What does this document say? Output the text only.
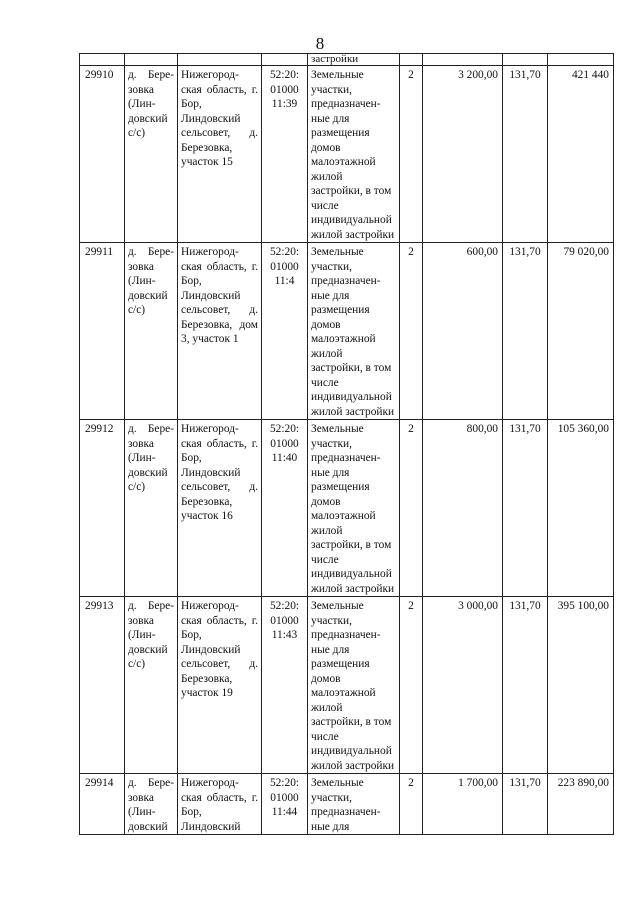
8
				застройки				
29910	д. Бере-зовка (Лин-довский с/с)	Нижегород-ская область, г. Бор, Линдовский сельсовет, д. Березовка, участок 15	52:20:
01000
11:39	Земельные участки, предназначен-ные для размещения домов малоэтажной жилой застройки, в том числе индивидуальной жилой застройки	2	3 200,00	131,70	421 440
29911	д. Бере-зовка (Лин-довский с/с)	Нижегород-ская область, г. Бор, Линдовский сельсовет, д. Березовка, дом 3, участок 1	52:20:
01000
11:4	Земельные участки, предназначен-ные для размещения домов малоэтажной жилой застройки, в том числе индивидуальной жилой застройки	2	600,00	131,70	79 020,00
29912	д. Бере-зовка (Лин-довский с/с)	Нижегород-ская область, г. Бор, Линдовский сельсовет, д. Березовка, участок 16	52:20:
01000
11:40	Земельные участки, предназначен-ные для размещения домов малоэтажной жилой застройки, в том числе индивидуальной жилой застройки	2	800,00	131,70	105 360,00
29913	д. Бере-зовка (Лин-довский с/с)	Нижегород-ская область, г. Бор, Линдовский сельсовет, д. Березовка, участок 19	52:20:
01000
11:43	Земельные участки, предназначен-ные для размещения домов малоэтажной жилой застройки, в том числе индивидуальной жилой застройки	2	3 000,00	131,70	395 100,00
29914	д. Бере-зовка (Лин-довский	Нижегород-ская область, г. Бор, Линдовский	52:20:
01000
11:44	Земельные участки, предназначен-ные для	2	1 700,00	131,70	223 890,00
